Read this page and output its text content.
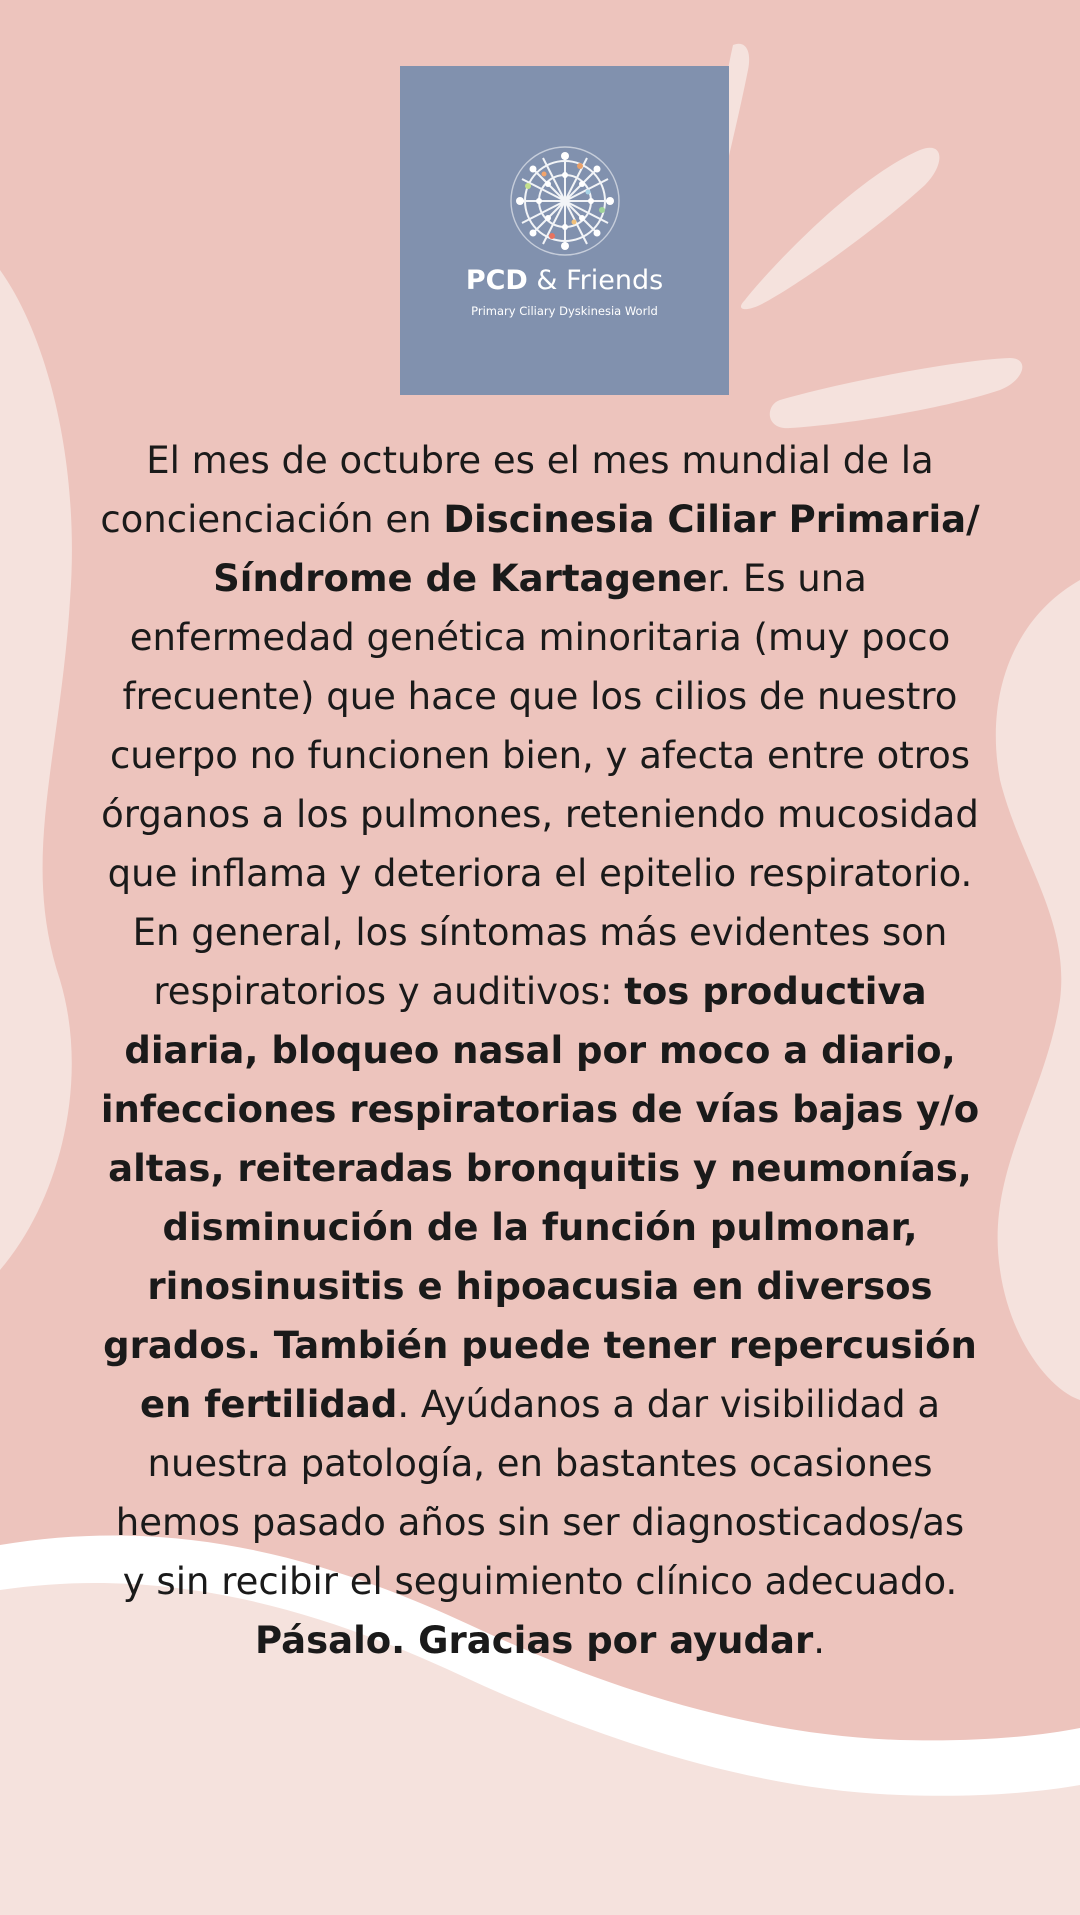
PCD & Friends
Primary Ciliary Dyskinesia World

El mes de octubre es el mes mundial de la concienciación en Discinesia Ciliar Primaria/ Síndrome de Kartagener. Es una enfermedad genética minoritaria (muy poco frecuente) que hace que los cilios de nuestro cuerpo no funcionen bien, y afecta entre otros órganos a los pulmones, reteniendo mucosidad que inflama y deteriora el epitelio respiratorio. En general, los síntomas más evidentes son respiratorios y auditivos: tos productiva diaria, bloqueo nasal por moco a diario, infecciones respiratorias de vías bajas y/o altas, reiteradas bronquitis y neumonías, disminución de la función pulmonar, rinosinusitis e hipoacusia en diversos grados. También puede tener repercusión en fertilidad. Ayúdanos a dar visibilidad a nuestra patología, en bastantes ocasiones hemos pasado años sin ser diagnosticados/as y sin recibir el seguimiento clínico adecuado. Pásalo. Gracias por ayudar.
